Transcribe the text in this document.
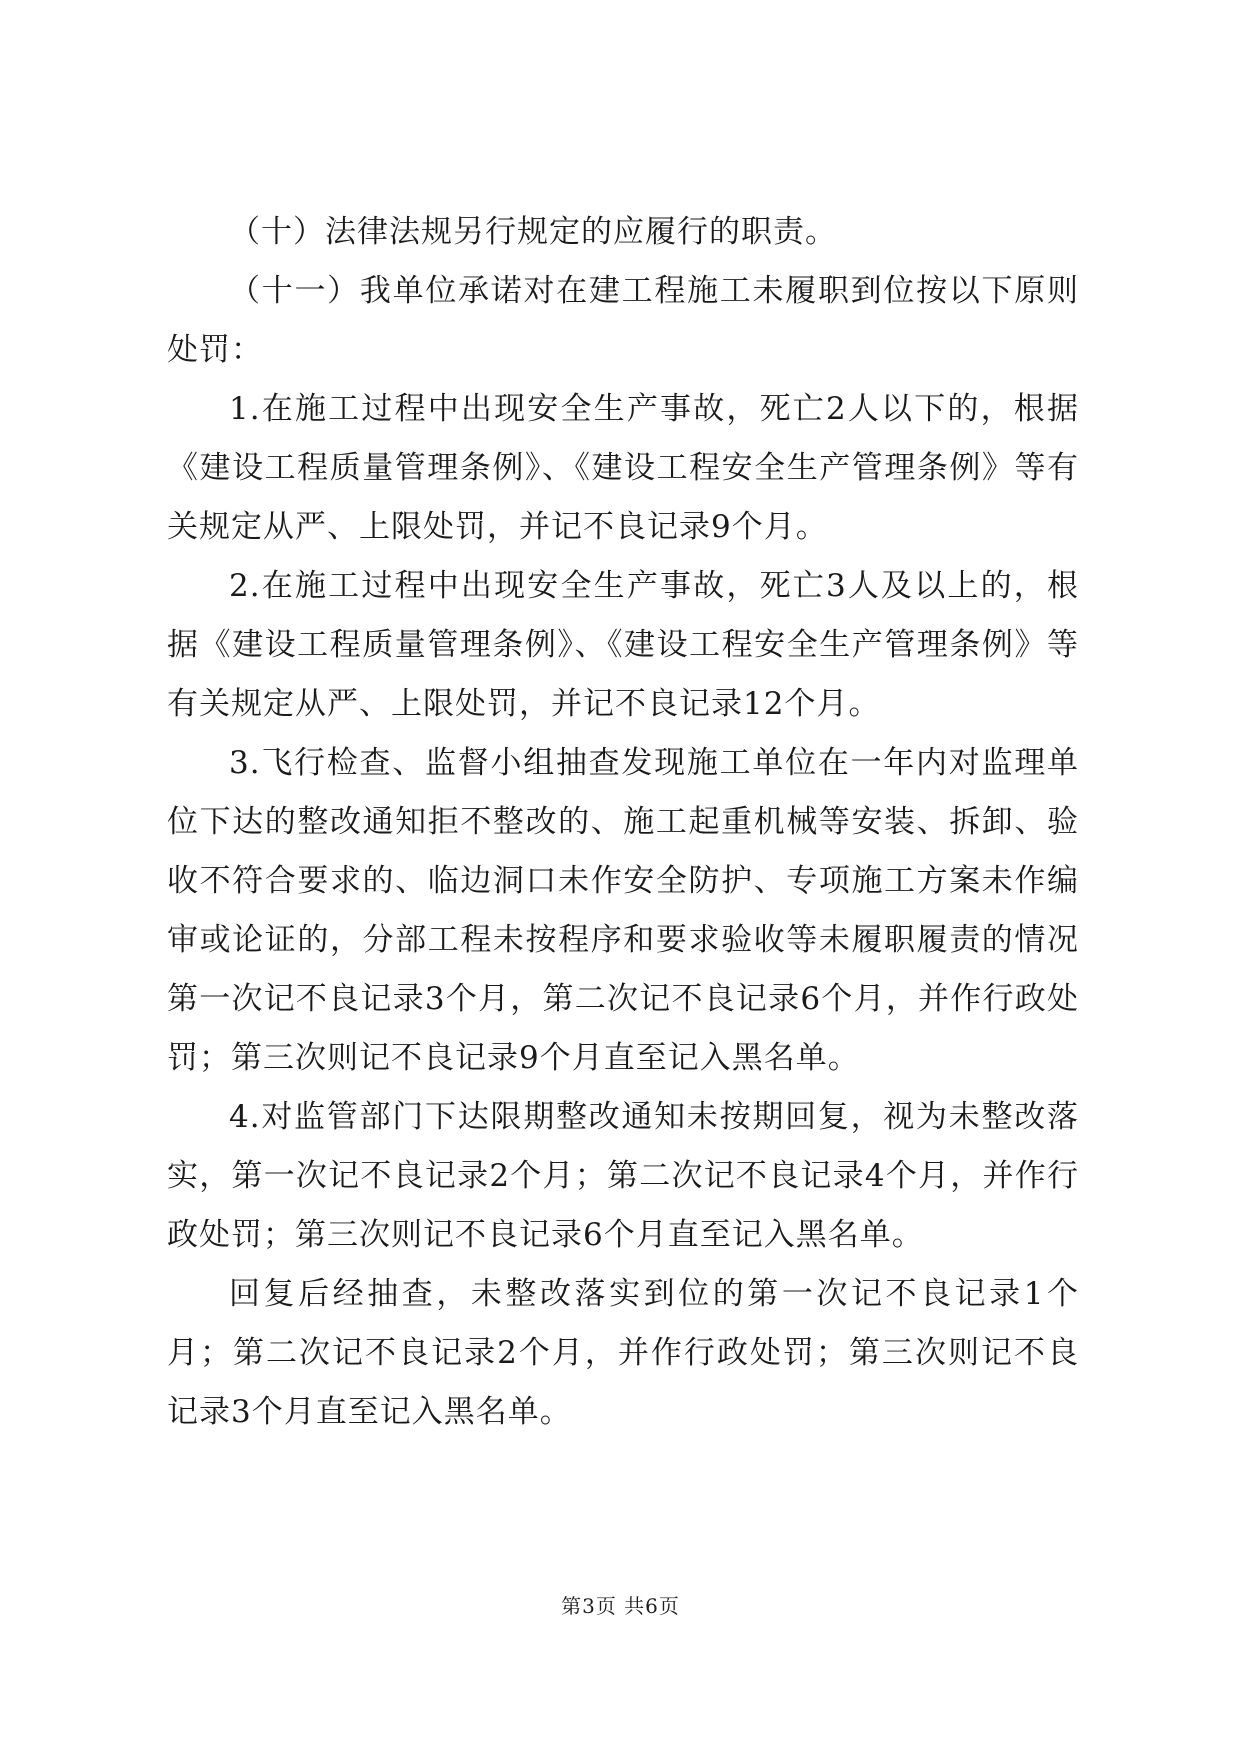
（十）法律法规另行规定的应履行的职责。

（十一）我单位承诺对在建工程施工未履职到位按以下原则处罚：

1.在施工过程中出现安全生产事故，死亡2人以下的，根据《建设工程质量管理条例》、《建设工程安全生产管理条例》等有关规定从严、上限处罚，并记不良记录9个月。

2.在施工过程中出现安全生产事故，死亡3人及以上的，根据《建设工程质量管理条例》、《建设工程安全生产管理条例》等有关规定从严、上限处罚，并记不良记录12个月。

3.飞行检查、监督小组抽查发现施工单位在一年内对监理单位下达的整改通知拒不整改的、施工起重机械等安装、拆卸、验收不符合要求的、临边洞口未作安全防护、专项施工方案未作编审或论证的，分部工程未按程序和要求验收等未履职履责的情况第一次记不良记录3个月，第二次记不良记录6个月，并作行政处罚；第三次则记不良记录9个月直至记入黑名单。

4.对监管部门下达限期整改通知未按期回复，视为未整改落实，第一次记不良记录2个月；第二次记不良记录4个月，并作行政处罚；第三次则记不良记录6个月直至记入黑名单。

回复后经抽查，未整改落实到位的第一次记不良记录1个月；第二次记不良记录2个月，并作行政处罚；第三次则记不良记录3个月直至记入黑名单。

第3页 共6页
